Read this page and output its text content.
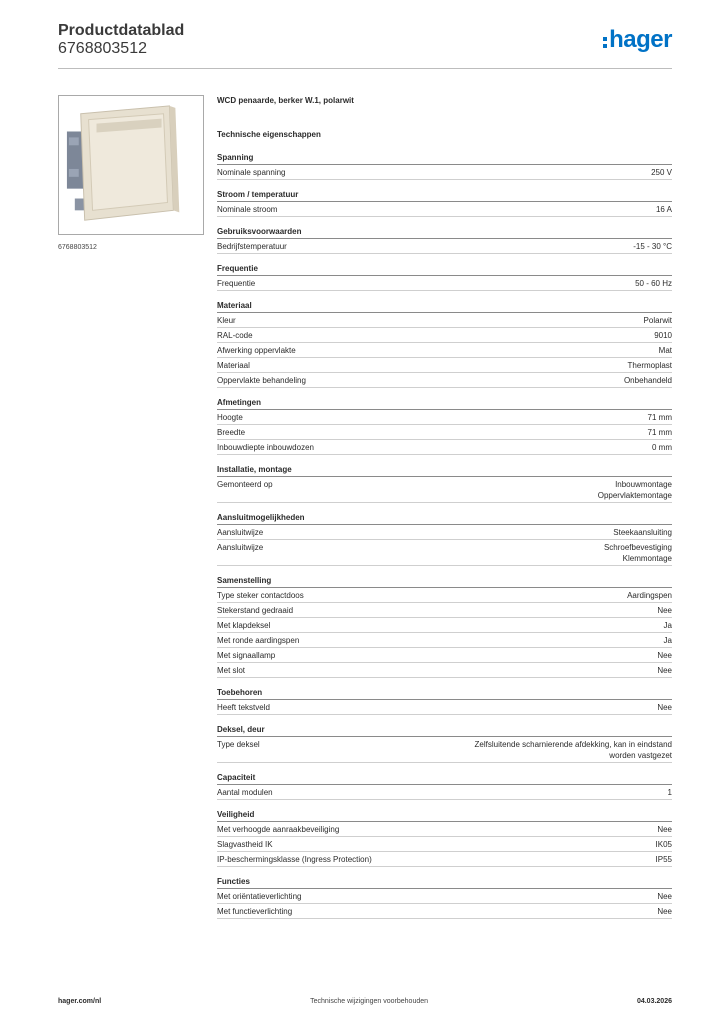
Productdatablad
6768803512	hager
6768803512
WCD penaarde, berker W.1, polarwit
Technische eigenschappen
Spanning
Nominale spanning	250 V
Stroom / temperatuur
Nominale stroom	16 A
Gebruiksvoorwaarden
Bedrijfstemperatuur	-15 - 30 °C
Frequentie
Frequentie	50 - 60 Hz
Materiaal
Kleur	Polarwit
RAL-code	9010
Afwerking oppervlakte	Mat
Materiaal	Thermoplast
Oppervlakte behandeling	Onbehandeld
Afmetingen
Hoogte	71 mm
Breedte	71 mm
Inbouwdiepte inbouwdozen	0 mm
Installatie, montage
Gemonteerd op	Inbouwmontage
Oppervlaktemontage
Aansluitmogelijkheden
Aansluitwijze	Steekaansluiting
Aansluitwijze	Schroefbevestiging
Klemmontage
Samenstelling
Type steker contactdoos	Aardingspen
Stekerstand gedraaid	Nee
Met klapdeksel	Ja
Met ronde aardingspen	Ja
Met signaallamp	Nee
Met slot	Nee
Toebehoren
Heeft tekstveld	Nee
Deksel, deur
Type deksel	Zelfsluitende scharnierende afdekking, kan in eindstand
worden vastgezet
Capaciteit
Aantal modulen	1
Veiligheid
Met verhoogde aanraakbeveiliging	Nee
Slagvastheid IK	IK05
IP-beschermingsklasse (Ingress Protection)	IP55
Functies
Met oriëntatieverlichting	Nee
Met functieverlichting	Nee
hager.com/nl	Technische wijzigingen voorbehouden	04.03.2026
